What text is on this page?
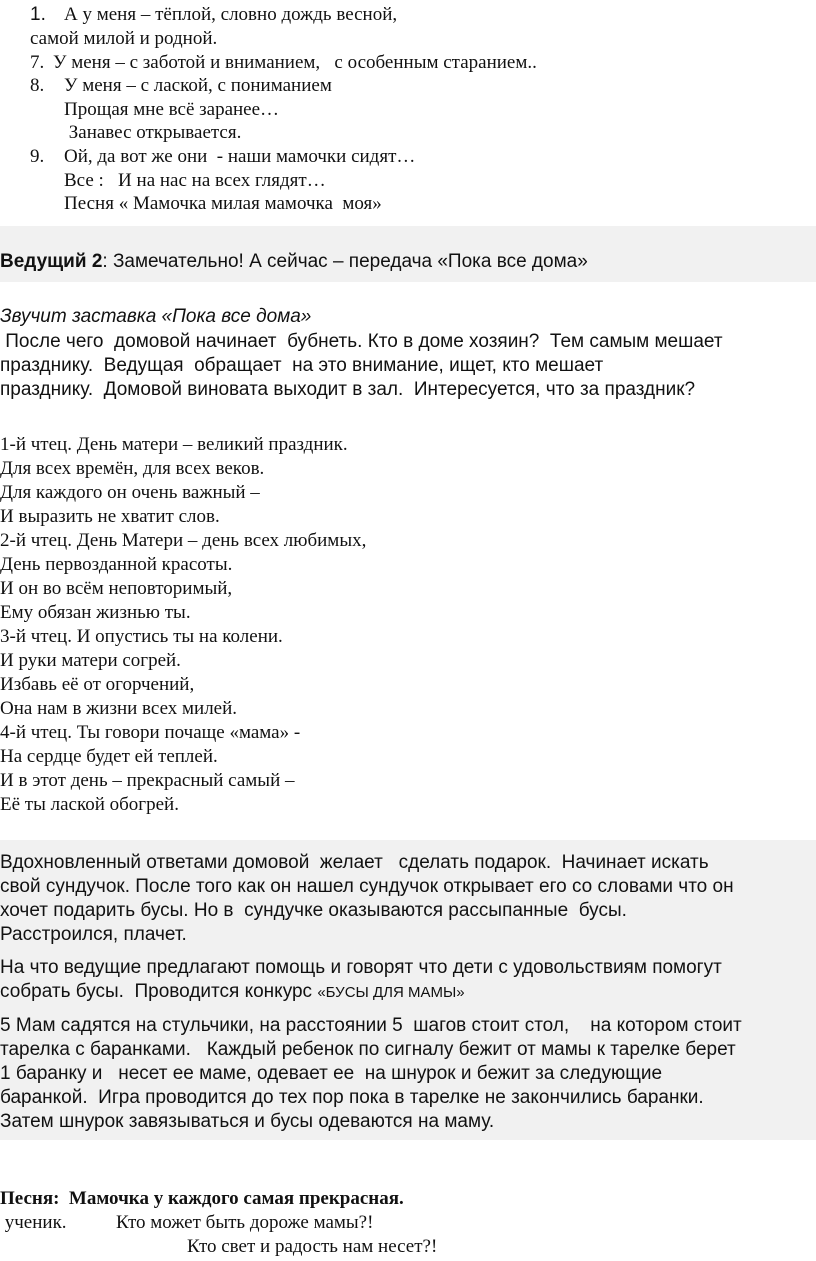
1. А у меня – тёплой, словно дождь весной,
самой милой и родной.
7. У меня – с заботой и вниманием,   с особенным старанием..
8. У меня – с лаской, с пониманием
Прощая мне всё заранее…
Занавес открывается.
9. Ой, да вот же они  - наши мамочки сидят…
Все :   И на нас на всех глядят…
Песня « Мамочка милая мамочка  моя»
Ведущий 2: Замечательно! А сейчас – передача «Пока все дома»
Звучит заставка «Пока все дома»
После чего  домовой начинает  бубнеть. Кто в доме хозяин?  Тем самым мешает
празднику.  Ведущая  обращает  на это внимание, ищет, кто мешает
празднику.  Домовой виновата выходит в зал.  Интересуется, что за праздник?
1-й чтец. День матери – великий праздник.
Для всех времён, для всех веков.
Для каждого он очень важный –
И выразить не хватит слов.
2-й чтец. День Матери – день всех любимых,
День первозданной красоты.
И он во всём неповторимый,
Ему обязан жизнью ты.
3-й чтец. И опустись ты на колени.
И руки матери согрей.
Избавь её от огорчений,
Она нам в жизни всех милей.
4-й чтец. Ты говори почаще «мама» -
На сердце будет ей теплей.
И в этот день – прекрасный самый –
Её ты лаской обогрей.
Вдохновленный ответами домовой  желает   сделать подарок.  Начинает искать
свой сундучок. После того как он нашел сундучок открывает его со словами что он
хочет подарить бусы. Но в  сундучке оказываются рассыпанные  бусы.
Расстроился, плачет.
На что ведущие предлагают помощь и говорят что дети с удовольствиям помогут
собрать бусы.  Проводится конкурс «БУСЫ ДЛЯ МАМЫ»
5 Мам садятся на стульчики, на расстоянии 5  шагов стоит стол,    на котором стоит
тарелка с баранками.   Каждый ребенок по сигналу бежит от мамы к тарелке берет
1 баранку и   несет ее маме, одевает ее  на шнурок и бежит за следующие
баранкой.  Игра проводится до тех пор пока в тарелке не закончились баранки.
Затем шнурок завязываться и бусы одеваются на маму.
Песня:  Мамочка у каждого самая прекрасная.
ученик.	Кто может быть дороже мамы?!
Кто свет и радость нам несет?!
